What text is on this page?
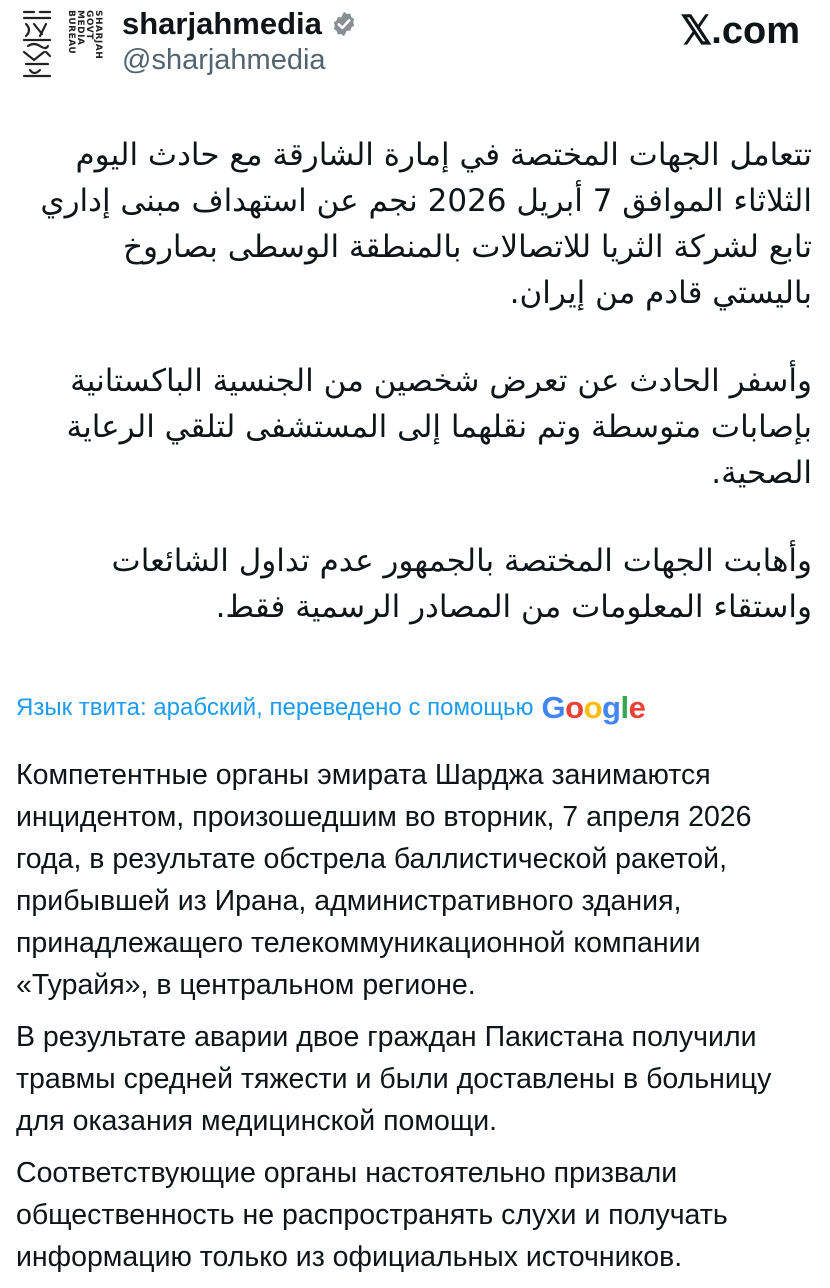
SHARJAH GOVT
MEDIA BUREAU	sharjahmedia
@sharjahmedia
𝕏 .com

تتعامل الجهات المختصة في إمارة الشارقة مع حادث اليوم الثلاثاء الموافق 7 أبريل 2026 نجم عن استهداف مبنى إداري تابع لشركة الثريا للاتصالات بالمنطقة الوسطى بصاروخ باليستي قادم من إيران.

وأسفر الحادث عن تعرض شخصين من الجنسية الباكستانية بإصابات متوسطة وتم نقلهما إلى المستشفى لتلقي الرعاية الصحية.

وأهابت الجهات المختصة بالجمهور عدم تداول الشائعات واستقاء المعلومات من المصادر الرسمية فقط.

Язык твита: арабский, переведено с помощью Google

Компетентные органы эмирата Шарджа занимаются инцидентом, произошедшим во вторник, 7 апреля 2026 года, в результате обстрела баллистической ракетой, прибывшей из Ирана, административного здания, принадлежащего телекоммуникационной компании «Турайя», в центральном регионе.

В результате аварии двое граждан Пакистана получили травмы средней тяжести и были доставлены в больницу для оказания медицинской помощи.

Соответствующие органы настоятельно призвали общественность не распространять слухи и получать информацию только из официальных источников.
